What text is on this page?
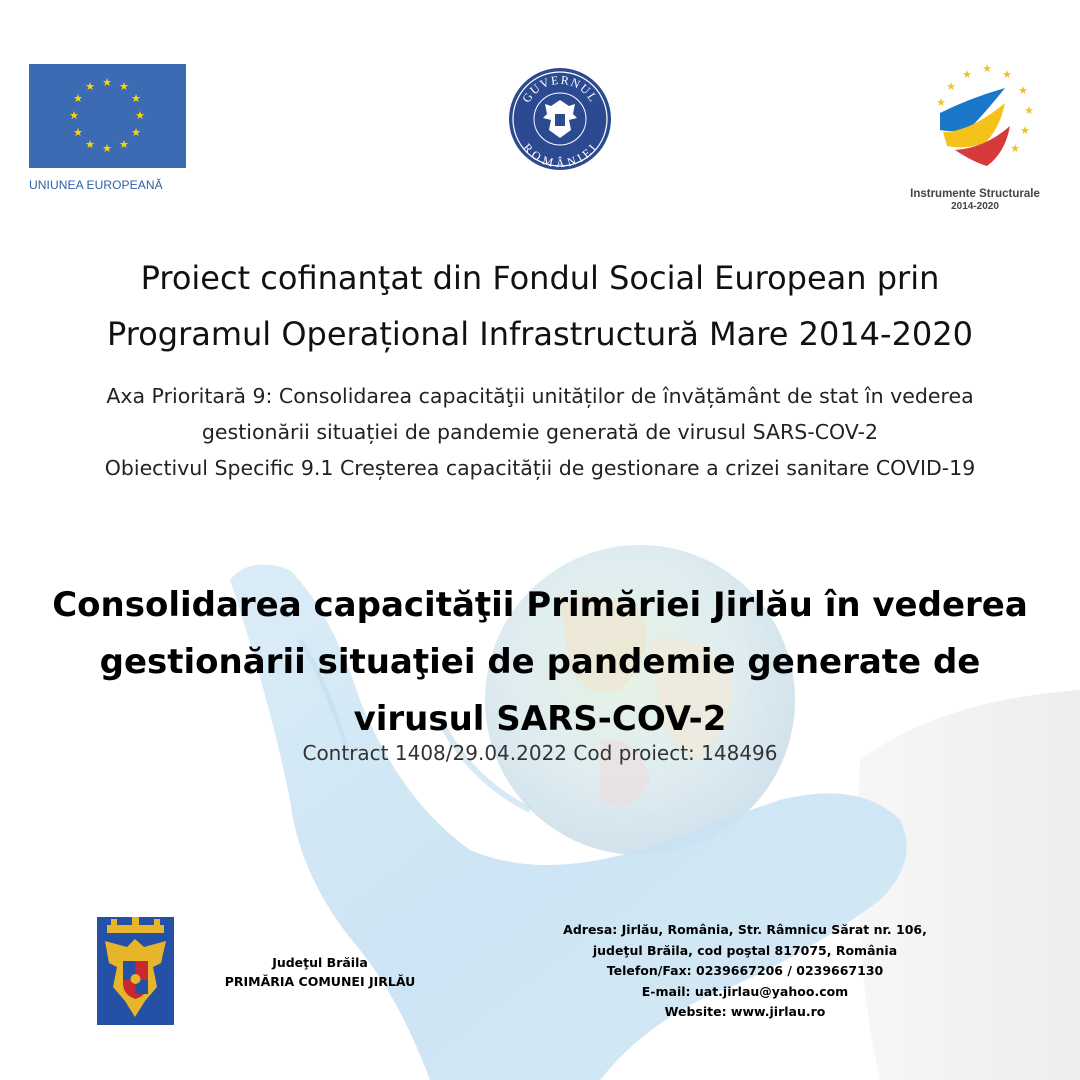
★ ★
★
★
★
★
★
★
★
★
★
★
UNIUNEA EUROPEANĂ
GUVERNUL
ROMÂNIEI
★ ★ ★
★
★
★
★
★
★
Instrumente Structurale
2014-2020
Proiect cofinanţat din Fondul Social European prin
Programul Operațional Infrastructură Mare 2014-2020
Axa Prioritară 9: Consolidarea capacităţii unităților de învățământ de stat în vederea
gestionării situației de pandemie generată de virusul SARS-COV-2
Obiectivul Specific 9.1 Creșterea capacității de gestionare a crizei sanitare COVID-19
Consolidarea capacităţii Primăriei Jirlău în vederea
gestionării situaţiei de pandemie generate de
virusul SARS-COV-2
Contract 1408/29.04.2022 Cod proiect: 148496
Judeţul Brăila
PRIMĂRIA COMUNEI JIRLĂU
Adresa: Jirlău, România, Str. Râmnicu Sărat nr. 106,
judeţul Brăila, cod poştal 817075, România
Telefon/Fax: 0239667206 / 0239667130
E-mail: uat.jirlau@yahoo.com
Website: www.jirlau.ro
